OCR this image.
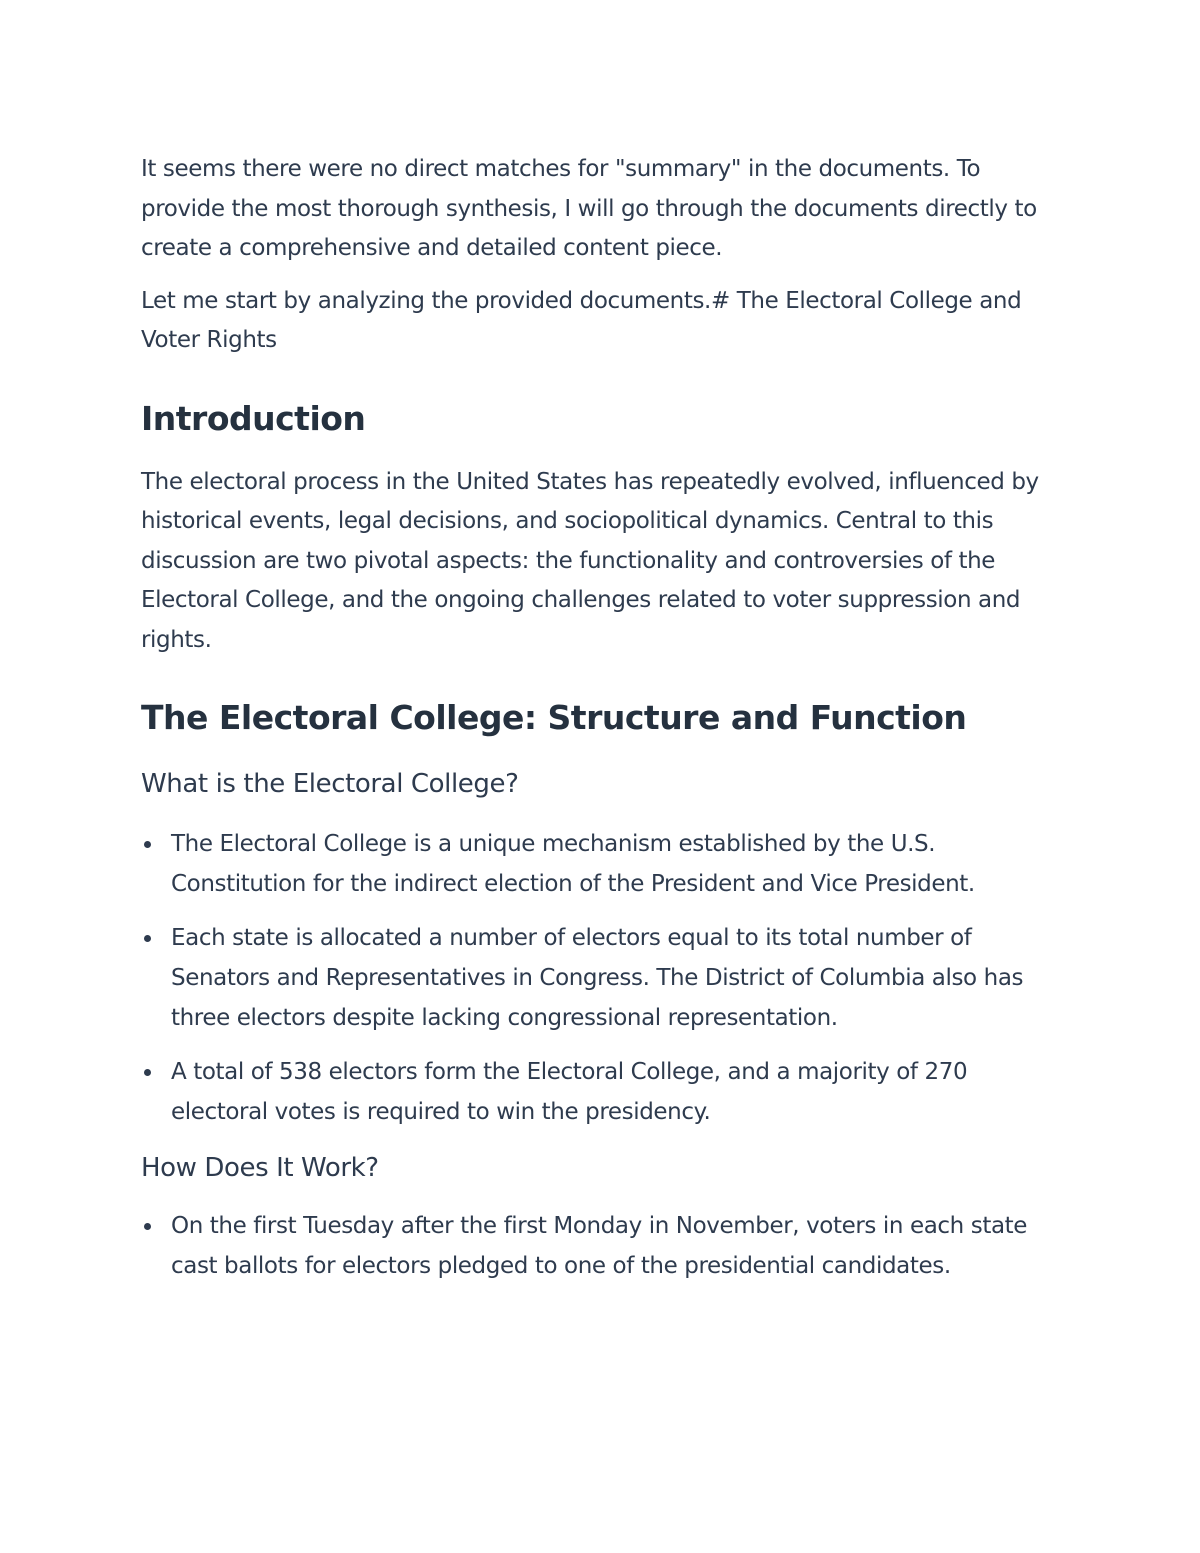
It seems there were no direct matches for "summary" in the documents. To provide the most thorough synthesis, I will go through the documents directly to create a comprehensive and detailed content piece.

Let me start by analyzing the provided documents.# The Electoral College and Voter Rights

Introduction

The electoral process in the United States has repeatedly evolved, influenced by historical events, legal decisions, and sociopolitical dynamics. Central to this discussion are two pivotal aspects: the functionality and controversies of the Electoral College, and the ongoing challenges related to voter suppression and rights.

The Electoral College: Structure and Function
What is the Electoral College?
The Electoral College is a unique mechanism established by the U.S. Constitution for the indirect election of the President and Vice President.
Each state is allocated a number of electors equal to its total number of Senators and Representatives in Congress. The District of Columbia also has three electors despite lacking congressional representation.
A total of 538 electors form the Electoral College, and a majority of 270 electoral votes is required to win the presidency.
How Does It Work?
On the first Tuesday after the first Monday in November, voters in each state cast ballots for electors pledged to one of the presidential candidates.
